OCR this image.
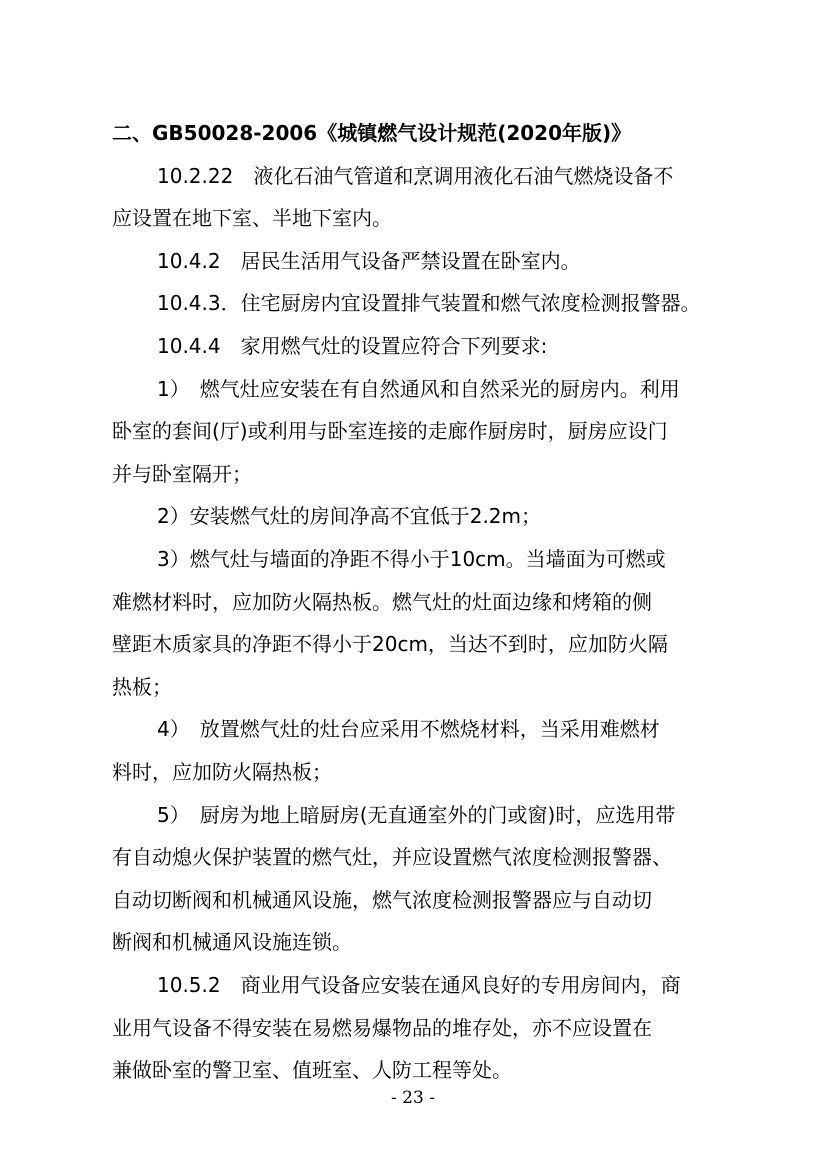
二、GB50028-2006《城镇燃气设计规范(2020年版)》
10.2.22　液化石油气管道和烹调用液化石油气燃烧设备不
应设置在地下室、半地下室内。
10.4.2　居民生活用气设备严禁设置在卧室内。
10.4.3．住宅厨房内宜设置排气装置和燃气浓度检测报警器。
10.4.4　家用燃气灶的设置应符合下列要求:
1）　燃气灶应安装在有自然通风和自然采光的厨房内。利用
卧室的套间(厅)或利用与卧室连接的走廊作厨房时，厨房应设门
并与卧室隔开；
2）安装燃气灶的房间净高不宜低于2.2m；
3）燃气灶与墙面的净距不得小于10cm。当墙面为可燃或
难燃材料时，应加防火隔热板。燃气灶的灶面边缘和烤箱的侧
壁距木质家具的净距不得小于20cm，当达不到时，应加防火隔
热板；
4）　放置燃气灶的灶台应采用不燃烧材料，当采用难燃材
料时，应加防火隔热板；
5）　厨房为地上暗厨房(无直通室外的门或窗)时，应选用带
有自动熄火保护装置的燃气灶，并应设置燃气浓度检测报警器、
自动切断阀和机械通风设施，燃气浓度检测报警器应与自动切
断阀和机械通风设施连锁。
10.5.2　商业用气设备应安装在通风良好的专用房间内，商
业用气设备不得安装在易燃易爆物品的堆存处，亦不应设置在
兼做卧室的警卫室、值班室、人防工程等处。
- 23 -
